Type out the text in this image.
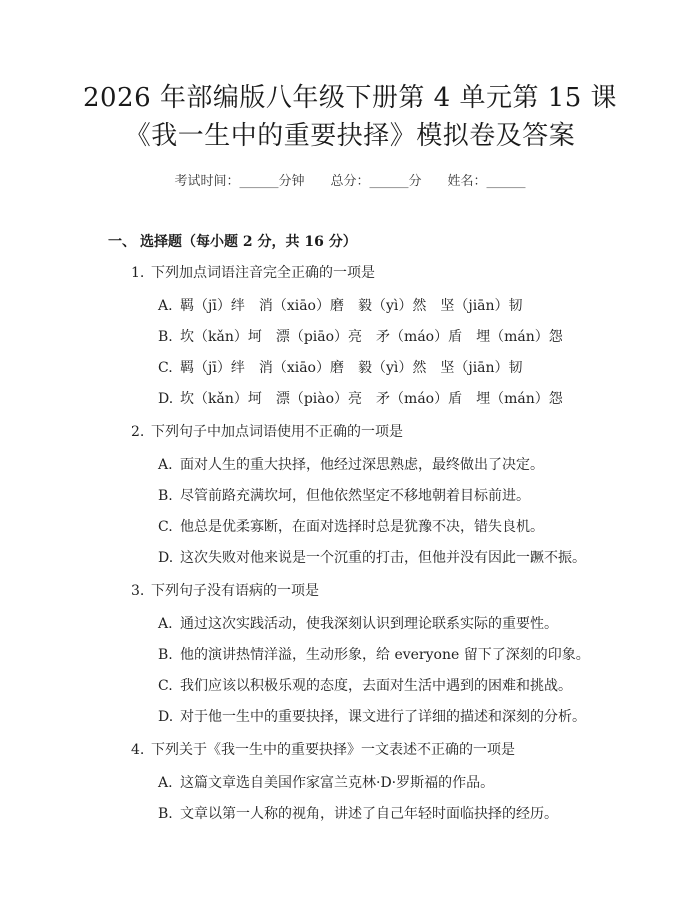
2026 年部编版八年级下册第 4 单元第 15 课
《我一生中的重要抉择》模拟卷及答案
考试时间：______分钟 总分：______分 姓名：______
一、 选择题（每小题 2 分，共 16 分）
1. 下列加点词语注音完全正确的一项是
A. 羁（jī）绊　消（xiāo）磨　毅（yì）然　坚（jiān）韧
B. 坎（kǎn）坷　漂（piāo）亮　矛（máo）盾　埋（mán）怨
C. 羁（jī）绊　消（xiāo）磨　毅（yì）然　坚（jiān）韧
D. 坎（kǎn）坷　漂（piào）亮　矛（máo）盾　埋（mán）怨
2. 下列句子中加点词语使用不正确的一项是
A. 面对人生的重大抉择，他经过深思熟虑，最终做出了决定。
B. 尽管前路充满坎坷，但他依然坚定不移地朝着目标前进。
C. 他总是优柔寡断，在面对选择时总是犹豫不决，错失良机。
D. 这次失败对他来说是一个沉重的打击，但他并没有因此一蹶不振。
3. 下列句子没有语病的一项是
A. 通过这次实践活动，使我深刻认识到理论联系实际的重要性。
B. 他的演讲热情洋溢，生动形象，给 everyone 留下了深刻的印象。
C. 我们应该以积极乐观的态度，去面对生活中遇到的困难和挑战。
D. 对于他一生中的重要抉择，课文进行了详细的描述和深刻的分析。
4. 下列关于《我一生中的重要抉择》一文表述不正确的一项是
A. 这篇文章选自美国作家富兰克林·D·罗斯福的作品。
B. 文章以第一人称的视角，讲述了自己年轻时面临抉择的经历。
